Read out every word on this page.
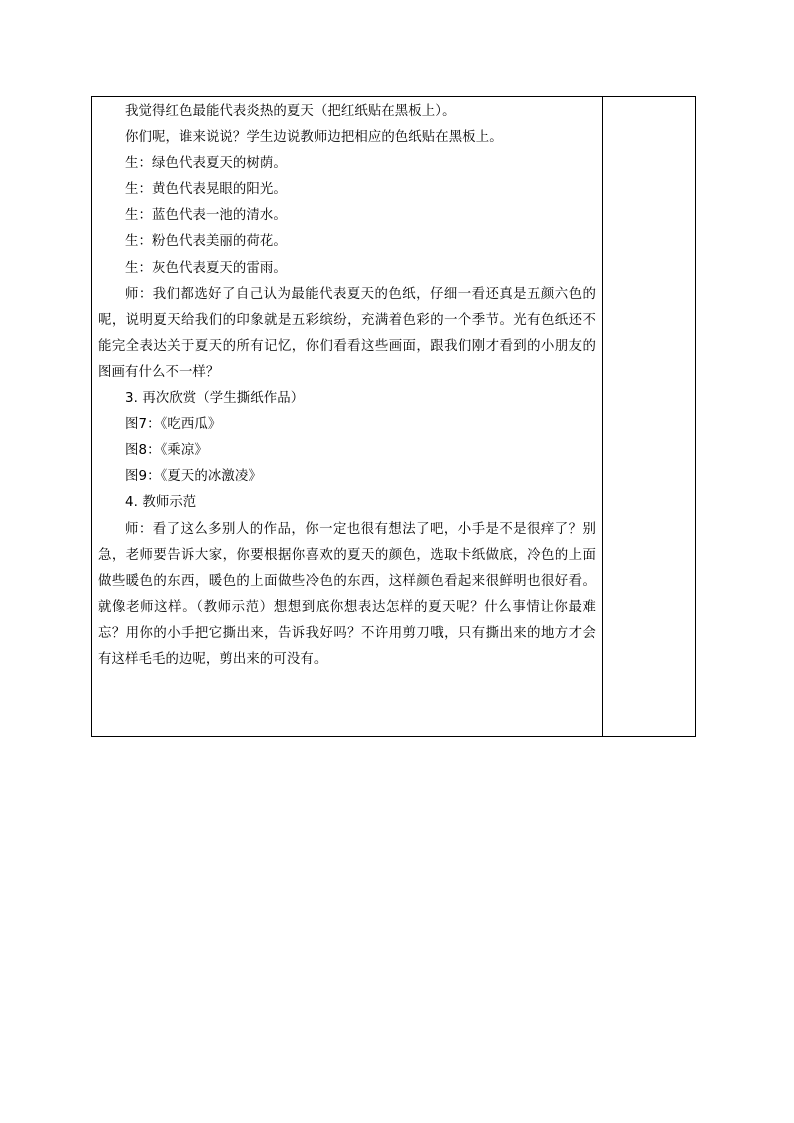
我觉得红色最能代表炎热的夏天（把红纸贴在黑板上）。

你们呢，谁来说说？学生边说教师边把相应的色纸贴在黑板上。

生：绿色代表夏天的树荫。

生：黄色代表晃眼的阳光。

生：蓝色代表一池的清水。

生：粉色代表美丽的荷花。

生：灰色代表夏天的雷雨。

师：我们都选好了自己认为最能代表夏天的色纸，仔细一看还真是五颜六色的呢，说明夏天给我们的印象就是五彩缤纷，充满着色彩的一个季节。光有色纸还不能完全表达关于夏天的所有记忆，你们看看这些画面，跟我们刚才看到的小朋友的图画有什么不一样？

3. 再次欣赏（学生撕纸作品）

图7：《吃西瓜》

图8：《乘凉》

图9：《夏天的冰激凌》

4. 教师示范

师：看了这么多别人的作品，你一定也很有想法了吧，小手是不是很痒了？别急，老师要告诉大家，你要根据你喜欢的夏天的颜色，选取卡纸做底，冷色的上面做些暖色的东西，暖色的上面做些冷色的东西，这样颜色看起来很鲜明也很好看。就像老师这样。（教师示范）想想到底你想表达怎样的夏天呢？什么事情让你最难忘？用你的小手把它撕出来，告诉我好吗？不许用剪刀哦，只有撕出来的地方才会有这样毛毛的边呢，剪出来的可没有。
